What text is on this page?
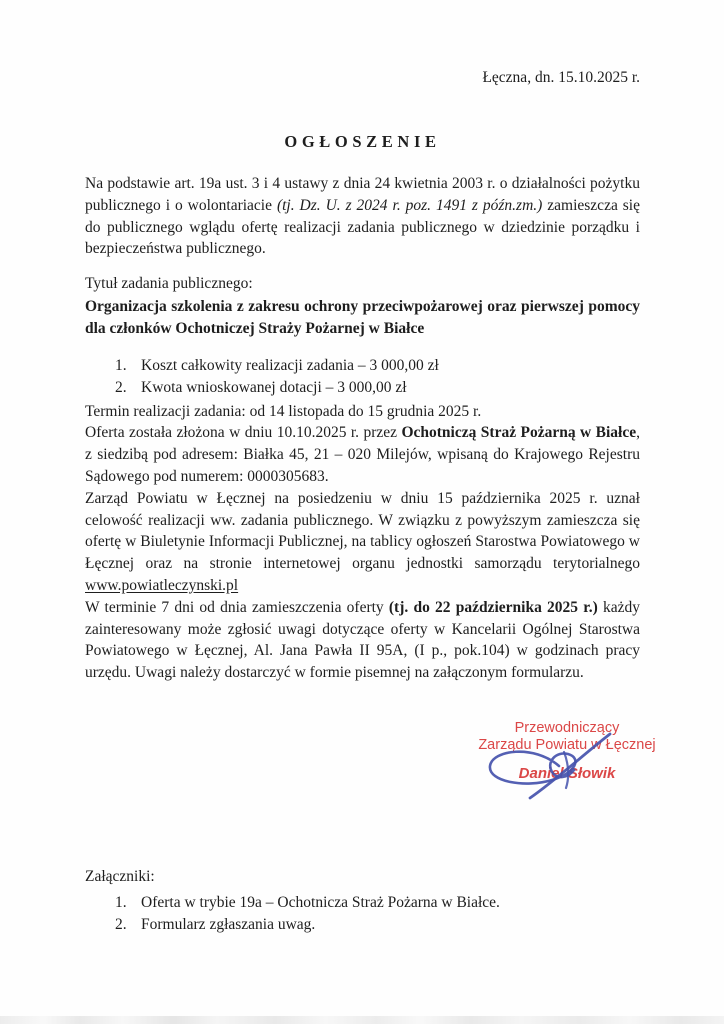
Łęczna, dn. 15.10.2025 r.
OGŁOSZENIE

Na podstawie art. 19a ust. 3 i 4 ustawy z dnia 24 kwietnia 2003 r. o działalności pożytku publicznego i o wolontariacie (tj. Dz. U. z 2024 r. poz. 1491 z późn.zm.) zamieszcza się do publicznego wglądu ofertę realizacji zadania publicznego w dziedzinie porządku i bezpieczeństwa publicznego.

Tytuł zadania publicznego:

Organizacja szkolenia z zakresu ochrony przeciwpożarowej oraz pierwszej pomocy dla członków Ochotniczej Straży Pożarnej w Białce

1. Koszt całkowity realizacji zadania – 3 000,00 zł
2. Kwota wnioskowanej dotacji – 3 000,00 zł
Termin realizacji zadania: od 14 listopada do 15 grudnia 2025 r.

Oferta została złożona w dniu 10.10.2025 r. przez Ochotniczą Straż Pożarną w Białce, z siedzibą pod adresem: Białka 45, 21 – 020 Milejów, wpisaną do Krajowego Rejestru Sądowego pod numerem: 0000305683.

Zarząd Powiatu w Łęcznej na posiedzeniu w dniu 15 października 2025 r. uznał celowość realizacji ww. zadania publicznego. W związku z powyższym zamieszcza się ofertę w Biuletynie Informacji Publicznej, na tablicy ogłoszeń Starostwa Powiatowego w Łęcznej oraz na stronie internetowej organu jednostki samorządu terytorialnego www.powiatleczynski.pl

W terminie 7 dni od dnia zamieszczenia oferty (tj. do 22 października 2025 r.) każdy zainteresowany może zgłosić uwagi dotyczące oferty w Kancelarii Ogólnej Starostwa Powiatowego w Łęcznej, Al. Jana Pawła II 95A, (I p., pok.104) w godzinach pracy urzędu. Uwagi należy dostarczyć w formie pisemnej na załączonym formularzu.

Przewodniczący
Zarządu Powiatu w Łęcznej
Daniel Słowik
Załączniki:
1. Oferta w trybie 19a – Ochotnicza Straż Pożarna w Białce.
2. Formularz zgłaszania uwag.
